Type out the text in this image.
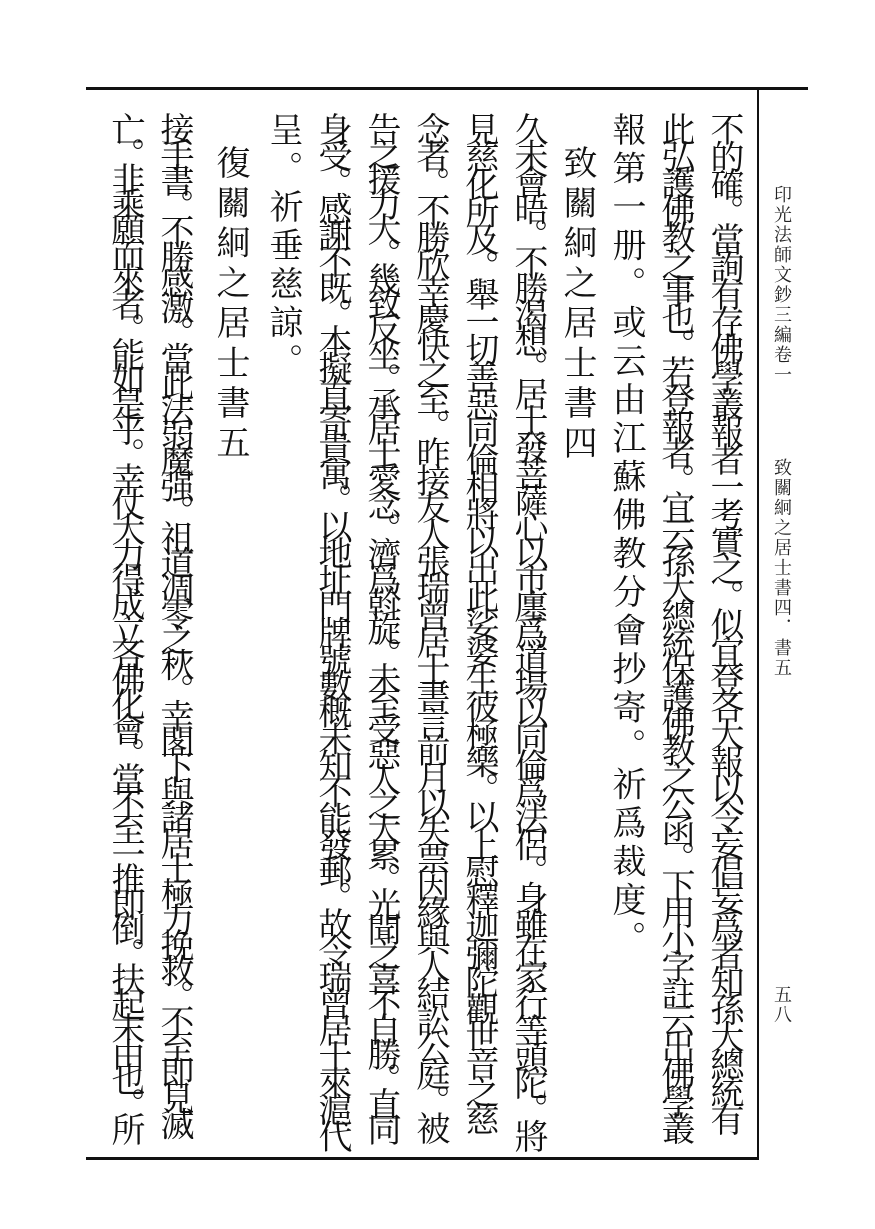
印光法師文鈔三編卷一
致關絅之居士書四．書五
五八
不的確。當詢有存佛學叢報者一考實之。似宜登各大報以令妄倡妄爲者知孫大總統有
此弘護佛教之事也。若登報者。宜云孫大總統保護佛教之公函。下用小字註云出佛學叢
報第一册。或云由江蘇佛教分會抄寄。祈爲裁度。
致關絅之居士書四
久未會晤。不勝渴想。居士發菩薩心以市廛爲道場以同倫爲法侶。身雖在家行等頭陀。將
見慈化所及。舉一切善惡同倫相將以出此娑婆生彼極樂。以上慰釋迦彌陀觀世音之慈
念者。不勝欣幸慶快之至。昨接友人張瑞曾居士書言前月以失票因緣與人結訟公庭。被
告之援力大。幾致反坐。承居士愛念。濟爲斡旋。未至受惡人之大累。光聞之喜不自勝。直同
身受。感謝不既。本擬直寄貴寓。以地址門牌號數概未知不能發郵。故令瑞曾居士來滬代
呈。祈垂慈諒。
復關絅之居士書五
接手書。不勝感激。當此法弱魔强。祖道凋零之秋。幸閣下與諸居士極力挽救。不至即見滅
亡。非乘願而來者。能如是乎。幸仗大力得成立各佛化會。當不至一推即倒。扶起末由也。所
